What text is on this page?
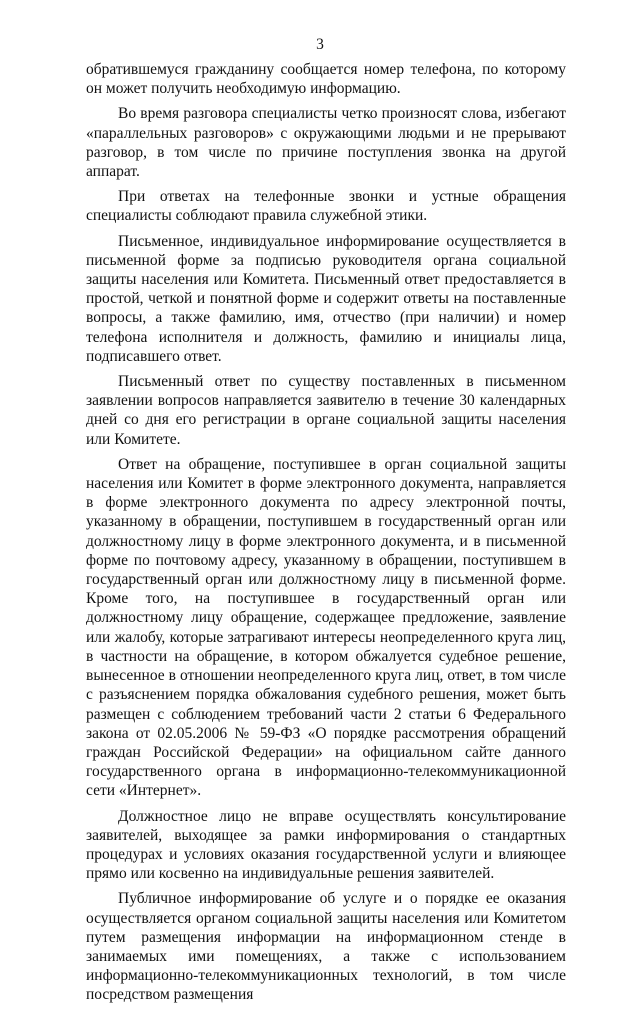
3

обратившемуся гражданину сообщается номер телефона, по которому он может получить необходимую информацию.

Во время разговора специалисты четко произносят слова, избегают «параллельных разговоров» с окружающими людьми и не прерывают разговор, в том числе по причине поступления звонка на другой аппарат.

При ответах на телефонные звонки и устные обращения специалисты соблюдают правила служебной этики.

Письменное, индивидуальное информирование осуществляется в письменной форме за подписью руководителя органа социальной защиты населения или Комитета. Письменный ответ предоставляется в простой, четкой и понятной форме и содержит ответы на поставленные вопросы, а также фамилию, имя, отчество (при наличии) и номер телефона исполнителя и должность, фамилию и инициалы лица, подписавшего ответ.

Письменный ответ по существу поставленных в письменном заявлении вопросов направляется заявителю в течение 30 календарных дней со дня его регистрации в органе социальной защиты населения или Комитете.

Ответ на обращение, поступившее в орган социальной защиты населения или Комитет в форме электронного документа, направляется в форме электронного документа по адресу электронной почты, указанному в обращении, поступившем в государственный орган или должностному лицу в форме электронного документа, и в письменной форме по почтовому адресу, указанному в обращении, поступившем в государственный орган или должностному лицу в письменной форме. Кроме того, на поступившее в государственный орган или должностному лицу обращение, содержащее предложение, заявление или жалобу, которые затрагивают интересы неопределенного круга лиц, в частности на обращение, в котором обжалуется судебное решение, вынесенное в отношении неопределенного круга лиц, ответ, в том числе с разъяснением порядка обжалования судебного решения, может быть размещен с соблюдением требований части 2 статьи 6 Федерального закона от 02.05.2006 № 59-ФЗ «О порядке рассмотрения обращений граждан Российской Федерации» на официальном сайте данного государственного органа в информационно-телекоммуникационной сети «Интернет».

Должностное лицо не вправе осуществлять консультирование заявителей, выходящее за рамки информирования о стандартных процедурах и условиях оказания государственной услуги и влияющее прямо или косвенно на индивидуальные решения заявителей.

Публичное информирование об услуге и о порядке ее оказания осуществляется органом социальной защиты населения или Комитетом путем размещения информации на информационном стенде в занимаемых ими помещениях, а также с использованием информационно-телекоммуникационных технологий, в том числе посредством размещения
